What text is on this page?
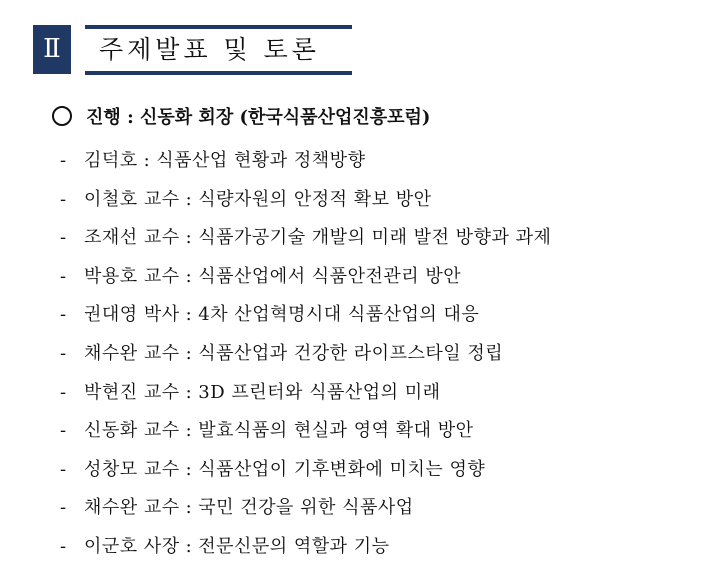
Ⅱ	주제발표 및 토론
진행 : 신동화 회장 (한국식품산업진흥포럼)
- 김덕호 : 식품산업 현황과 정책방향
- 이철호 교수 : 식량자원의 안정적 확보 방안
- 조재선 교수 : 식품가공기술 개발의 미래 발전 방향과 과제
- 박용호 교수 : 식품산업에서 식품안전관리 방안
- 권대영 박사 : 4차 산업혁명시대 식품산업의 대응
- 채수완 교수 : 식품산업과 건강한 라이프스타일 정립
- 박현진 교수 : 3D 프린터와 식품산업의 미래
- 신동화 교수 : 발효식품의 현실과 영역 확대 방안
- 성창모 교수 : 식품산업이 기후변화에 미치는 영향
- 채수완 교수 : 국민 건강을 위한 식품사업
- 이군호 사장 : 전문신문의 역할과 기능
